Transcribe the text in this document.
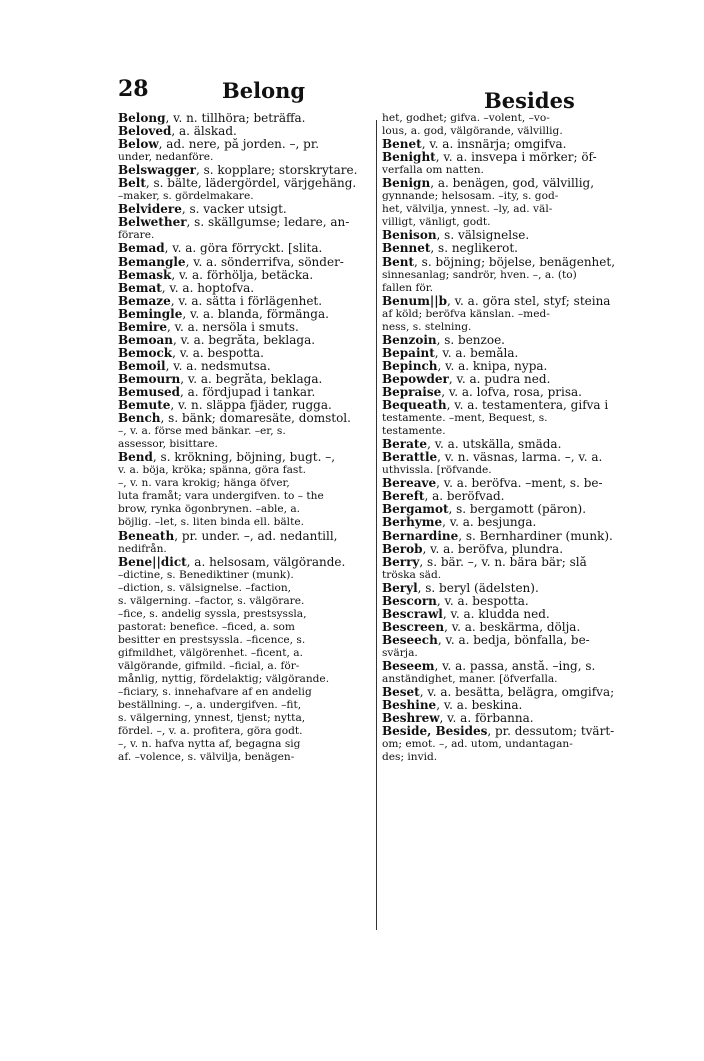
28	Belong	Besides
Belong, v. n. tillhöra; beträffa.
Beloved, a. älskad.
Below, ad. nere, på jorden. –, pr.
under, nedanföre.
Belswagger, s. kopplare; storskrytare.
Belt, s. bälte, lädergördel, värjgehäng.
–maker, s. gördelmakare.
Belvidere, s. vacker utsigt.
Belwether, s. skällgumse; ledare, an-
förare.
Bemad, v. a. göra förryckt. [slita.
Bemangle, v. a. sönderrifva, sönder-
Bemask, v. a. förhölja, betäcka.
Bemat, v. a. hoptofva.
Bemaze, v. a. sätta i förlägenhet.
Bemingle, v. a. blanda, förmänga.
Bemire, v. a. nersöla i smuts.
Bemoan, v. a. begråta, beklaga.
Bemock, v. a. bespotta.
Bemoil, v. a. nedsmutsa.
Bemourn, v. a. begråta, beklaga.
Bemused, a. fördjupad i tankar.
Bemute, v. n. släppa fjäder, rugga.
Bench, s. bänk; domaresäte, domstol.
–, v. a. förse med bänkar. –er, s.
assessor, bisittare.
Bend, s. krökning, böjning, bugt. –,
v. a. böja, kröka; spänna, göra fast.
–, v. n. vara krokig; hänga öfver,
luta framåt; vara undergifven. to – the
brow, rynka ögonbrynen. –able, a.
böjlig. –let, s. liten binda ell. bälte.
Beneath, pr. under. –, ad. nedantill,
nedifrån.
Bene||dict, a. helsosam, välgörande.
–dictine, s. Benediktiner (munk).
–diction, s. välsignelse. –faction,
s. välgerning. –factor, s. välgörare.
–fice, s. andelig syssla, prestsyssla,
pastorat: benefice. –ficed, a. som
besitter en prestsyssla. –ficence, s.
gifmildhet, välgörenhet. –ficent, a.
välgörande, gifmild. –ficial, a. för-
månlig, nyttig, fördelaktig; välgörande.
–ficiary, s. innehafvare af en andelig
beställning. –, a. undergifven. –fit,
s. välgerning, ynnest, tjenst; nytta,
fördel. –, v. a. profitera, göra godt.
–, v. n. hafva nytta af, begagna sig
af. –volence, s. välvilja, benägen-
het, godhet; gifva. –volent, –vo-
lous, a. god, välgörande, välvillig.
Benet, v. a. insnärja; omgifva.
Benight, v. a. insvepa i mörker; öf-
verfalla om natten.
Benign, a. benägen, god, välvillig,
gynnande; helsosam. –ity, s. god-
het, välvilja, ynnest. –ly, ad. väl-
villigt, vänligt, godt.
Benison, s. välsignelse.
Bennet, s. neglikerot.
Bent, s. böjning; böjelse, benägenhet,
sinnesanlag; sandrör, hven. –, a. (to)
fallen för.
Benum||b, v. a. göra stel, styf; steina
af köld; beröfva känslan. –med-
ness, s. stelning.
Benzoin, s. benzoe.
Bepaint, v. a. bemåla.
Bepinch, v. a. knipa, nypa.
Bepowder, v. a. pudra ned.
Bepraise, v. a. lofva, rosa, prisa.
Bequeath, v. a. testamentera, gifva i
testamente. –ment, Bequest, s.
testamente.
Berate, v. a. utskälla, smäda.
Berattle, v. n. väsnas, larma. –, v. a.
uthvissla. [röfvande.
Bereave, v. a. beröfva. –ment, s. be-
Bereft, a. beröfvad.
Bergamot, s. bergamott (päron).
Berhyme, v. a. besjunga.
Bernardine, s. Bernhardiner (munk).
Berob, v. a. beröfva, plundra.
Berry, s. bär. –, v. n. bära bär; slå
tröska säd.
Beryl, s. beryl (ädelsten).
Bescorn, v. a. bespotta.
Bescrawl, v. a. kludda ned.
Bescreen, v. a. beskärma, dölja.
Beseech, v. a. bedja, bönfalla, be-
svärja.
Beseem, v. a. passa, anstå. –ing, s.
anständighet, maner. [öfverfalla.
Beset, v. a. besätta, belägra, omgifva;
Beshine, v. a. beskina.
Beshrew, v. a. förbanna.
Beside, Besides, pr. dessutom; tvärt-
om; emot. –, ad. utom, undantagan-
des; invid.
